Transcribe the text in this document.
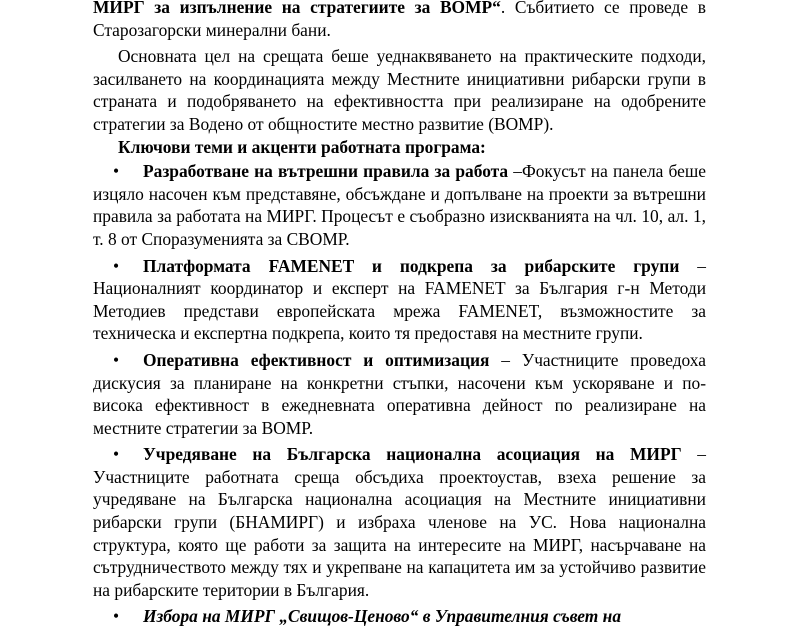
МИРГ за изпълнение на стратегиите за ВОМР“. Събитието се проведе в Старозагорски минерални бани.

Основната цел на срещата беше уеднаквяването на практическите подходи, засилването на координацията между Местните инициативни рибарски групи в страната и подобряването на ефективността при реализиране на одобрените стратегии за Водено от общностите местно развитие (ВОМР).

Ключови теми и акценти работната програма:

• Разработване на вътрешни правила за работа –Фокусът на панела беше изцяло насочен към представяне, обсъждане и допълване на проекти за вътрешни правила за работата на МИРГ. Процесът е съобразно изискванията на чл. 10, ал. 1, т. 8 от Споразуменията за СВОМР.

• Платформата FAMENET и подкрепа за рибарските групи – Националният координатор и експерт на FAMENET за България г-н Методи Методиев представи европейската мрежа FAMENET, възможностите за техническа и експертна подкрепа, които тя предоставя на местните групи.

• Оперативна ефективност и оптимизация – Участниците проведоха дискусия за планиране на конкретни стъпки, насочени към ускоряване и по-висока ефективност в ежедневната оперативна дейност по реализиране на местните стратегии за ВОМР.

• Учредяване на Българска национална асоциация на МИРГ – Участниците работната среща обсъдиха проектоустав, взеха решение за учредяване на Българска национална асоциация на Местните инициативни рибарски групи (БНАМИРГ) и избраха членове на УС. Нова национална структура, която ще работи за защита на интересите на МИРГ, насърчаване на сътрудничеството между тях и укрепване на капацитета им за устойчиво развитие на рибарските територии в България.

• Избора на МИРГ „Свищов-Ценово“ в Управителния съвет на
